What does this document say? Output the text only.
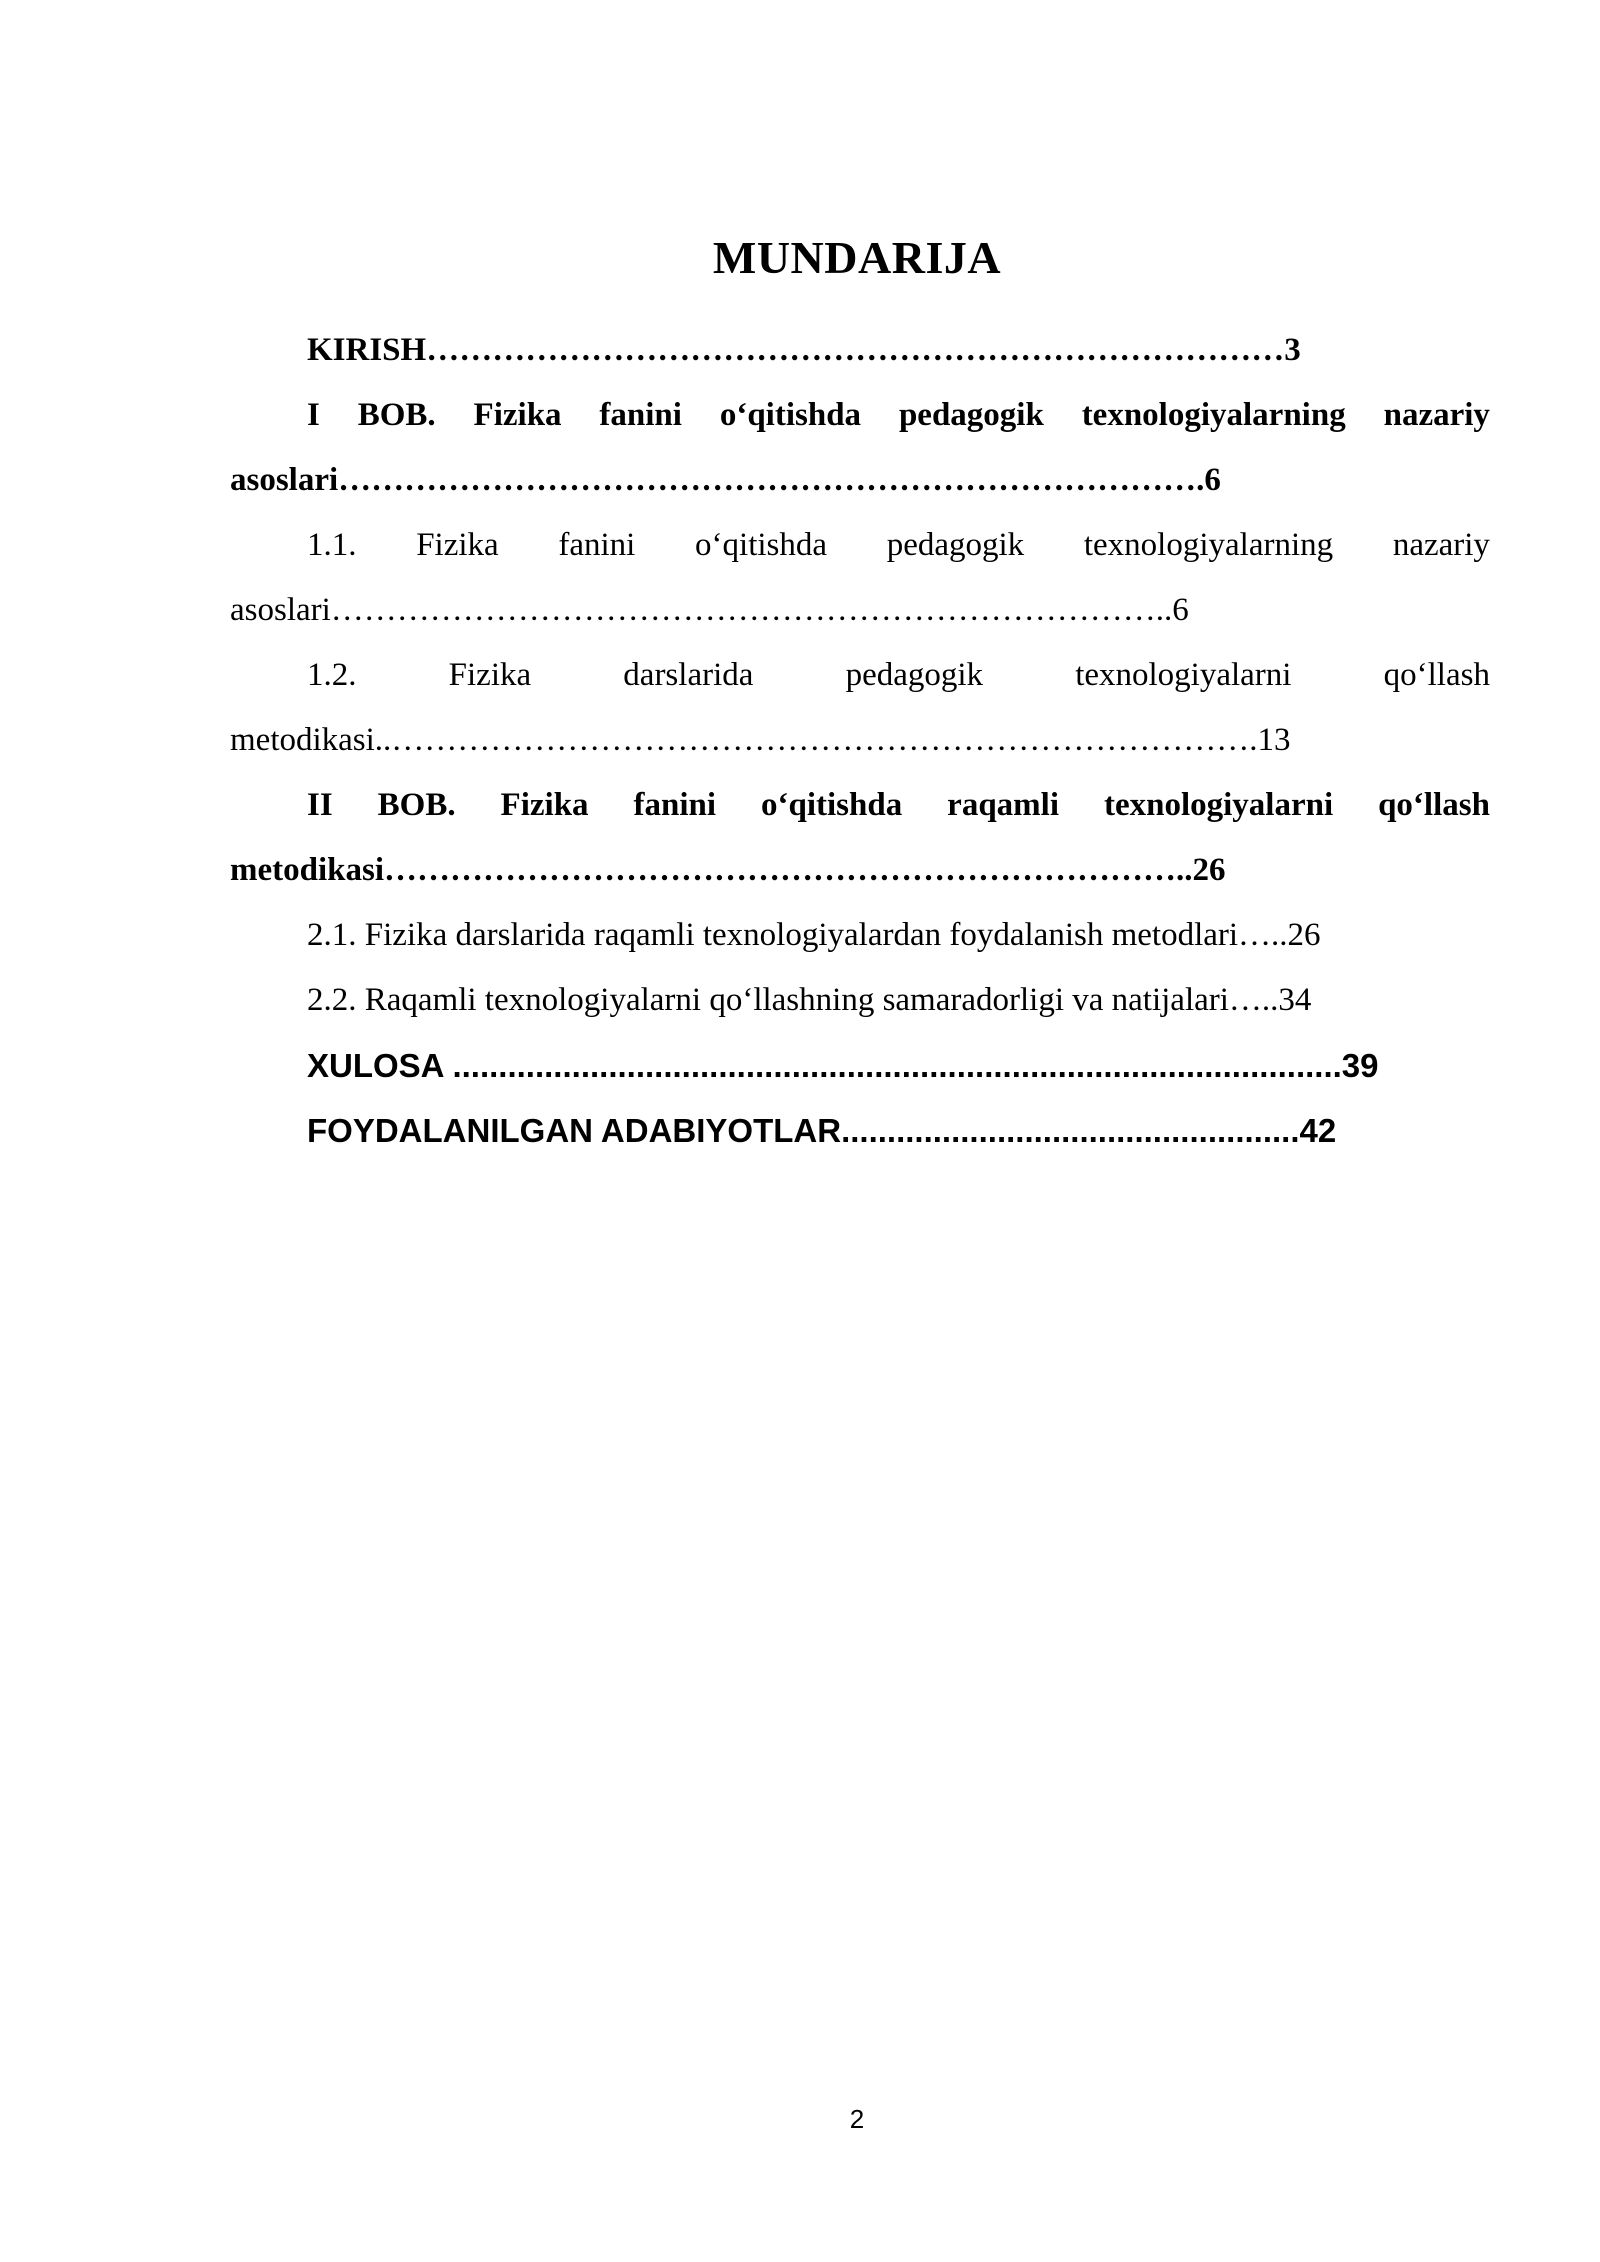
MUNDARIJA
KIRISH……………………………………………………………………3
I BOB. Fizika fanini o‘qitishda pedagogik texnologiyalarning nazariy
asoslari…………………………………………………………………….6
1.1. Fizika fanini o‘qitishda pedagogik texnologiyalarning nazariy
asoslari…………………………………………………………………..6
1.2.	Fizika	darslarida	pedagogik	texnologiyalarni	qo‘llash
metodikasi..…………………………………………………………………….13
II BOB. Fizika fanini o‘qitishda raqamli texnologiyalarni qo‘llash
metodikasi………………………………………………………………..26
2.1. Fizika darslarida raqamli texnologiyalardan foydalanish metodlari…..26
2.2. Raqamli texnologiyalarni qo‘llashning samaradorligi va natijalari…..34
XULOSA .................................................................................................39
FOYDALANILGAN ADABIYOTLAR..................................................42
2
